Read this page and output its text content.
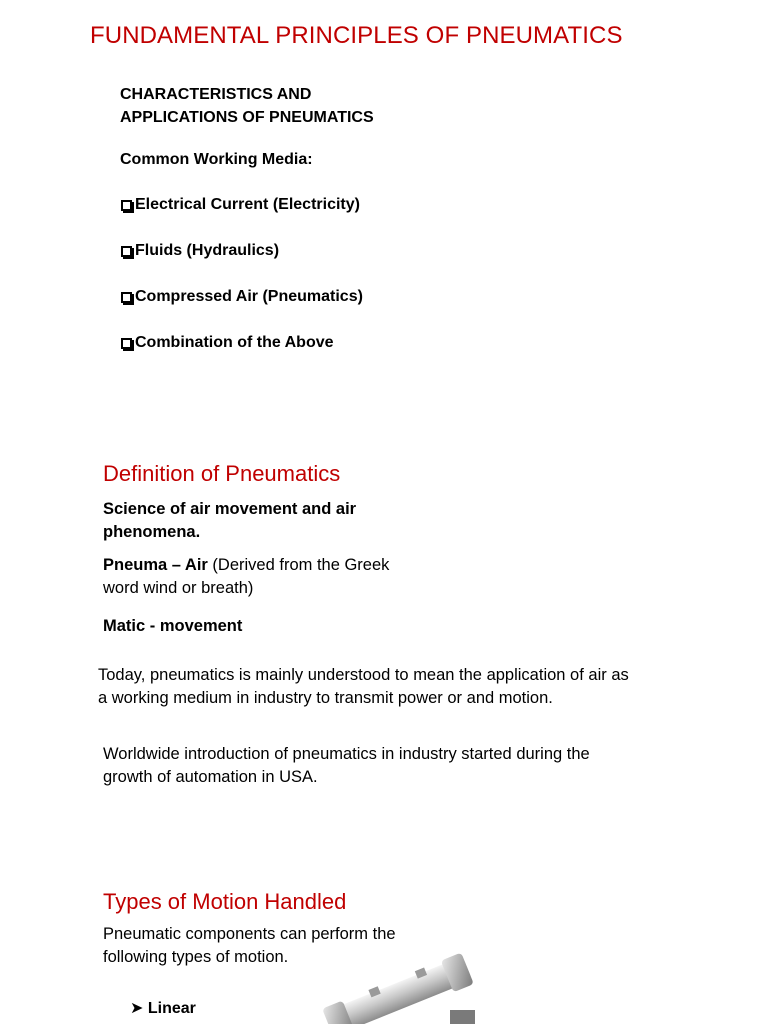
FUNDAMENTAL PRINCIPLES OF PNEUMATICS
CHARACTERISTICS AND
APPLICATIONS OF PNEUMATICS
Common Working Media:
Electrical Current (Electricity)
Fluids (Hydraulics)
Compressed Air (Pneumatics)
Combination of the Above
Definition of Pneumatics
Science of air movement and air
phenomena.
Pneuma – Air (Derived from the Greek
word wind or breath)
Matic - movement
Today, pneumatics is mainly understood to mean the application of air as
a working medium in industry to transmit power or and motion.
Worldwide introduction of pneumatics in industry started during the
growth of automation in USA.
Types of Motion Handled
Pneumatic components can perform the
following types of motion.
➤ Linear
